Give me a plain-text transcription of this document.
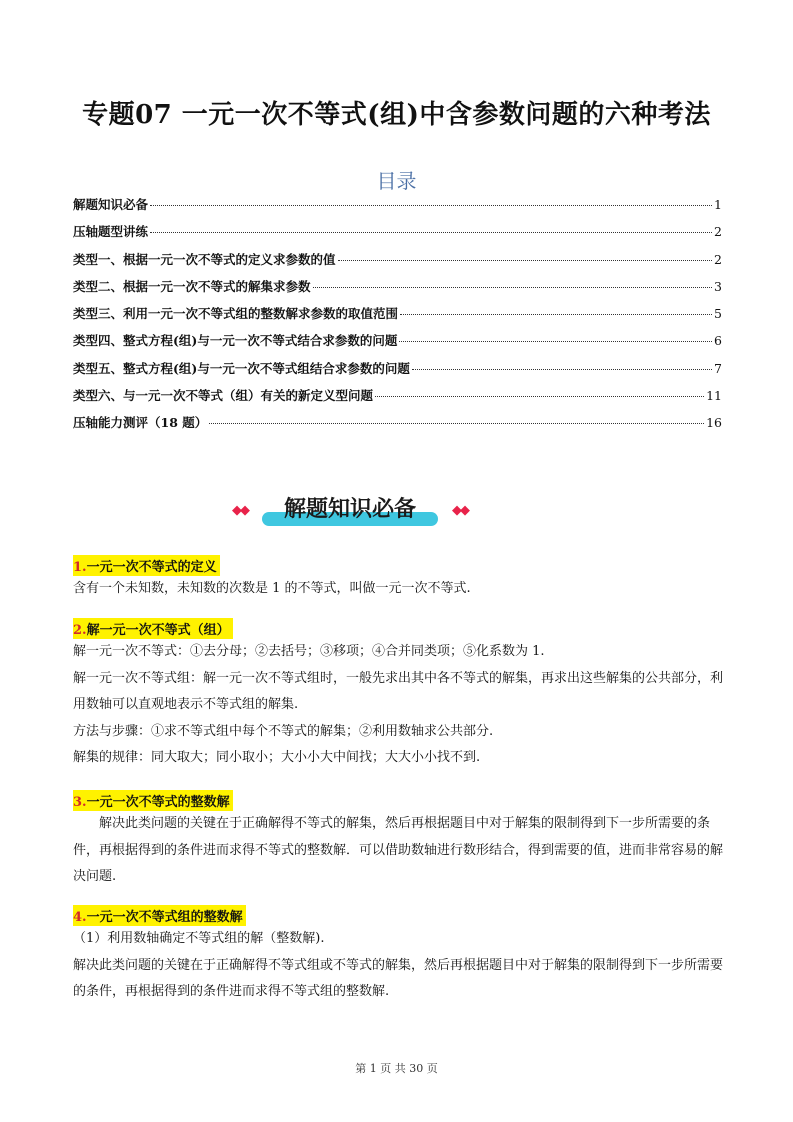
专题07 一元一次不等式(组)中含参数问题的六种考法
目录
解题知识必备	1
压轴题型讲练	2
类型一、根据一元一次不等式的定义求参数的值	2
类型二、根据一元一次不等式的解集求参数	3
类型三、利用一元一次不等式组的整数解求参数的取值范围	5
类型四、整式方程(组)与一元一次不等式结合求参数的问题	6
类型五、整式方程(组)与一元一次不等式组结合求参数的问题	7
类型六、与一元一次不等式（组）有关的新定义型问题	11
压轴能力测评（18 题）	16
◆◆	解题知识必备	◆◆
1.一元一次不等式的定义

含有一个未知数，未知数的次数是 1 的不等式，叫做一元一次不等式.

2.解一元一次不等式（组）

解一元一次不等式：①去分母；②去括号；③移项；④合并同类项；⑤化系数为 1.

解一元一次不等式组：解一元一次不等式组时，一般先求出其中各不等式的解集，再求出这些解集的公共部分，利用数轴可以直观地表示不等式组的解集.

方法与步骤：①求不等式组中每个不等式的解集；②利用数轴求公共部分.

解集的规律：同大取大；同小取小；大小小大中间找；大大小小找不到.

3.一元一次不等式的整数解

解决此类问题的关键在于正确解得不等式的解集，然后再根据题目中对于解集的限制得到下一步所需要的条件，再根据得到的条件进而求得不等式的整数解．可以借助数轴进行数形结合，得到需要的值，进而非常容易的解决问题.

4.一元一次不等式组的整数解

（1）利用数轴确定不等式组的解（整数解).

解决此类问题的关键在于正确解得不等式组或不等式的解集，然后再根据题目中对于解集的限制得到下一步所需要的条件，再根据得到的条件进而求得不等式组的整数解.

第 1 页 共 30 页
